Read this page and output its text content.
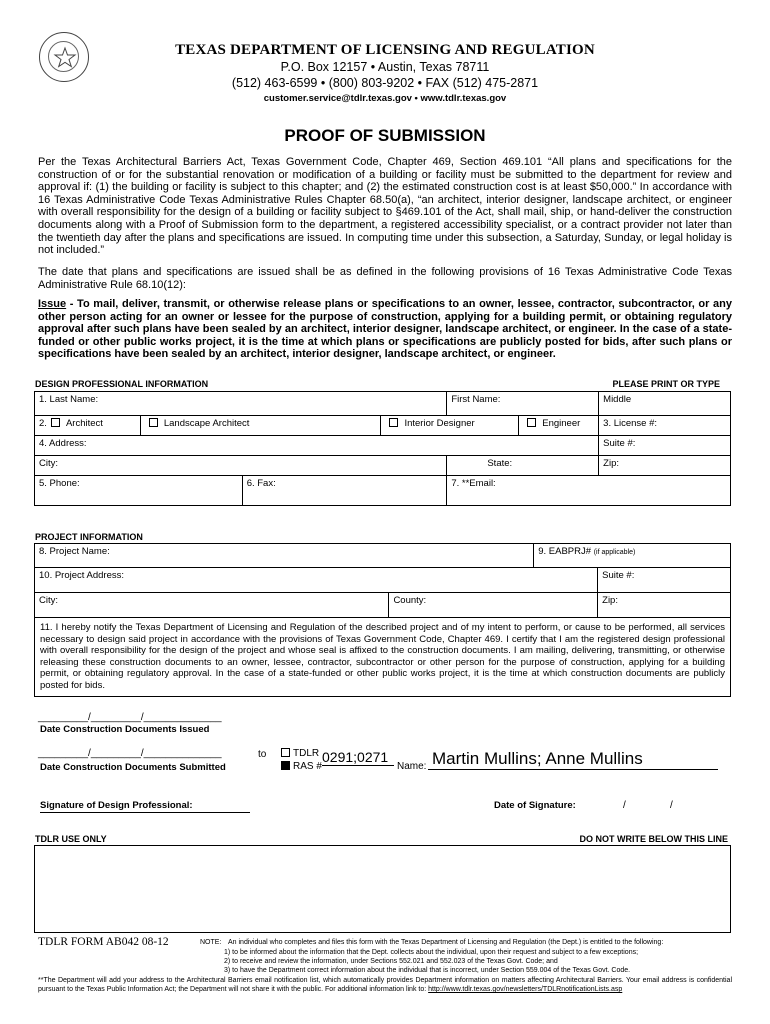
TEXAS DEPARTMENT OF LICENSING AND REGULATION
P.O. Box 12157 • Austin, Texas 78711
(512) 463-6599 • (800) 803-9202 • FAX (512) 475-2871
customer.service@tdlr.texas.gov • www.tdlr.texas.gov
PROOF OF SUBMISSION
Per the Texas Architectural Barriers Act, Texas Government Code, Chapter 469, Section 469.101 “All plans and specifications for the construction of or for the substantial renovation or modification of a building or facility must be submitted to the department for review and approval if: (1) the building or facility is subject to this chapter; and (2) the estimated construction cost is at least $50,000.” In accordance with 16 Texas Administrative Code Texas Administrative Rules Chapter 68.50(a), “an architect, interior designer, landscape architect, or engineer with overall responsibility for the design of a building or facility subject to §469.101 of the Act, shall mail, ship, or hand-deliver the construction documents along with a Proof of Submission form to the department, a registered accessibility specialist, or a contract provider not later than the twentieth day after the plans and specifications are issued. In computing time under this subsection, a Saturday, Sunday, or legal holiday is not included.”
The date that plans and specifications are issued shall be as defined in the following provisions of 16 Texas Administrative Code Texas Administrative Rule 68.10(12):
Issue - To mail, deliver, transmit, or otherwise release plans or specifications to an owner, lessee, contractor, subcontractor, or any other person acting for an owner or lessee for the purpose of construction, applying for a building permit, or obtaining regulatory approval after such plans have been sealed by an architect, interior designer, landscape architect, or engineer. In the case of a state-funded or other public works project, it is the time at which plans or specifications are publicly posted for bids, after such plans or specifications have been sealed by an architect, interior designer, landscape architect, or engineer.
DESIGN PROFESSIONAL INFORMATION	PLEASE PRINT OR TYPE
1. Last Name:				First Name:		Middle
2. Architect	Landscape Architect		Interior Designer		Engineer	3. License #:
4. Address:						Suite #:
City:				State:		Zip:
5. Phone:		6. Fax:		7. **Email:		
PROJECT INFORMATION
8. Project Name:		9. EABPRJ# (if applicable)	
10. Project Address:			Suite #:
City:	County:		Zip:
11. I hereby notify the Texas Department of Licensing and Regulation of the described project and of my intent to perform, or cause to be performed, all services necessary to design said project in accordance with the provisions of Texas Government Code, Chapter 469. I certify that I am the registered design professional with overall responsibility for the design of the project and whose seal is affixed to the construction documents. I am mailing, delivering, transmitting, or otherwise releasing these construction documents to an owner, lessee, contractor, subcontractor or other person for the purpose of construction, applying for a building permit, or obtaining regulatory approval. In the case of a state-funded or other public works project, it is the time at which construction documents are publicly posted for bids.			
_________/_________/______________
Date Construction Documents Issued
_________/_________/______________
Date Construction Documents Submitted
to	TDLR
RAS #
0291;0271
Name: Martin Mullins; Anne Mullins
Signature of Design Professional:	Date of Signature:	/	/
TDLR USE ONLY	DO NOT WRITE BELOW THIS LINE
TDLR FORM AB042 08-12	NOTE: An individual who completes and files this form with the Texas Department of Licensing and Regulation (the Dept.) is entitled to the following:
1) to be informed about the information that the Dept. collects about the individual, upon their request and subject to a few exceptions;
2) to receive and review the information, under Sections 552.021 and 552.023 of the Texas Govt. Code; and
3) to have the Department correct information about the individual that is incorrect, under Section 559.004 of the Texas Govt. Code.
**The Department will add your address to the Architectural Barriers email notification list, which automatically provides Department information on matters affecting Architectural Barriers. Your email address is confidential pursuant to the Texas Public Information Act; the Department will not share it with the public. For additional information link to: http://www.tdlr.texas.gov/newsletters/TDLRnotificationLists.asp
